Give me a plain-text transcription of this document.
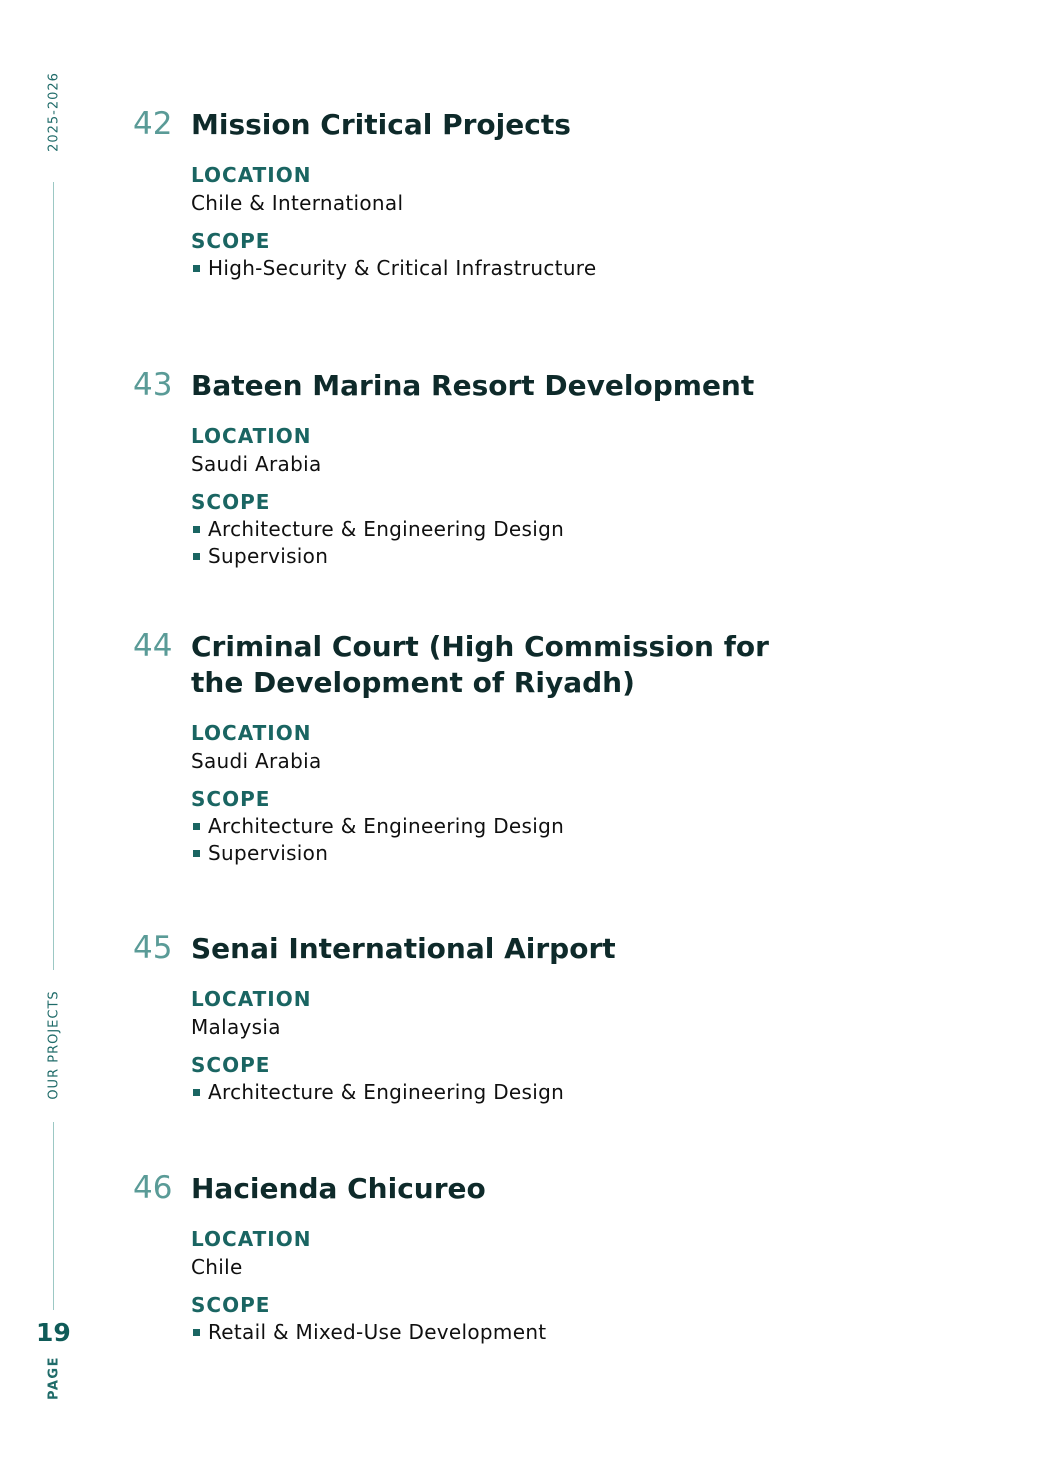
2025-2026
OUR PROJECTS
19
PAGE
42 Mission Critical Projects
LOCATION
Chile & International
SCOPE
High-Security & Critical Infrastructure
43 Bateen Marina Resort Development
LOCATION
Saudi Arabia
SCOPE
Architecture & Engineering Design
Supervision
44 Criminal Court (High Commission for the Development of Riyadh)
LOCATION
Saudi Arabia
SCOPE
Architecture & Engineering Design
Supervision
45 Senai International Airport
LOCATION
Malaysia
SCOPE
Architecture & Engineering Design
46 Hacienda Chicureo
LOCATION
Chile
SCOPE
Retail & Mixed-Use Development
